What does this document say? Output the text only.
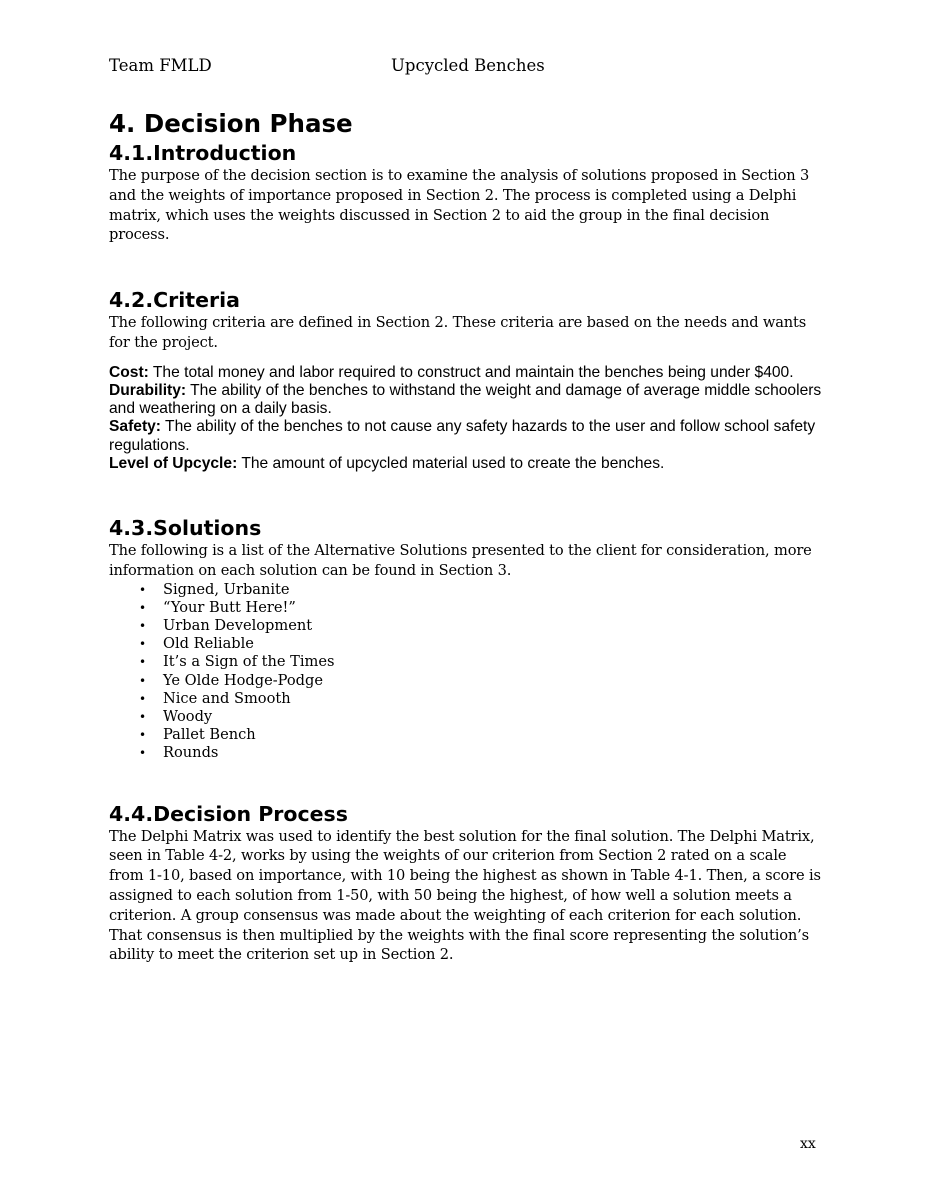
Team FMLD	Upcycled Benches
4. Decision Phase
4.1.Introduction

The purpose of the decision section is to examine the analysis of solutions proposed in Section 3 and the weights of importance proposed in Section 2. The process is completed using a Delphi matrix, which uses the weights discussed in Section 2 to aid the group in the final decision process.

4.2.Criteria

The following criteria are defined in Section 2. These criteria are based on the needs and wants for the project.

Cost: The total money and labor required to construct and maintain the benches being under $400.

Durability: The ability of the benches to withstand the weight and damage of average middle schoolers and weathering on a daily basis.

Safety: The ability of the benches to not cause any safety hazards to the user and follow school safety regulations.

Level of Upcycle: The amount of upcycled material used to create the benches.

4.3.Solutions

The following is a list of the Alternative Solutions presented to the client for consideration, more information on each solution can be found in Section 3.

• Signed, Urbanite
• “Your Butt Here!”
• Urban Development
• Old Reliable
• It’s a Sign of the Times
• Ye Olde Hodge-Podge
• Nice and Smooth
• Woody
• Pallet Bench
• Rounds
4.4.Decision Process

The Delphi Matrix was used to identify the best solution for the final solution. The Delphi Matrix, seen in Table 4-2, works by using the weights of our criterion from Section 2 rated on a scale from 1-10, based on importance, with 10 being the highest as shown in Table 4-1. Then, a score is assigned to each solution from 1-50, with 50 being the highest, of how well a solution meets a criterion. A group consensus was made about the weighting of each criterion for each solution. That consensus is then multiplied by the weights with the final score representing the solution’s ability to meet the criterion set up in Section 2.

xx
